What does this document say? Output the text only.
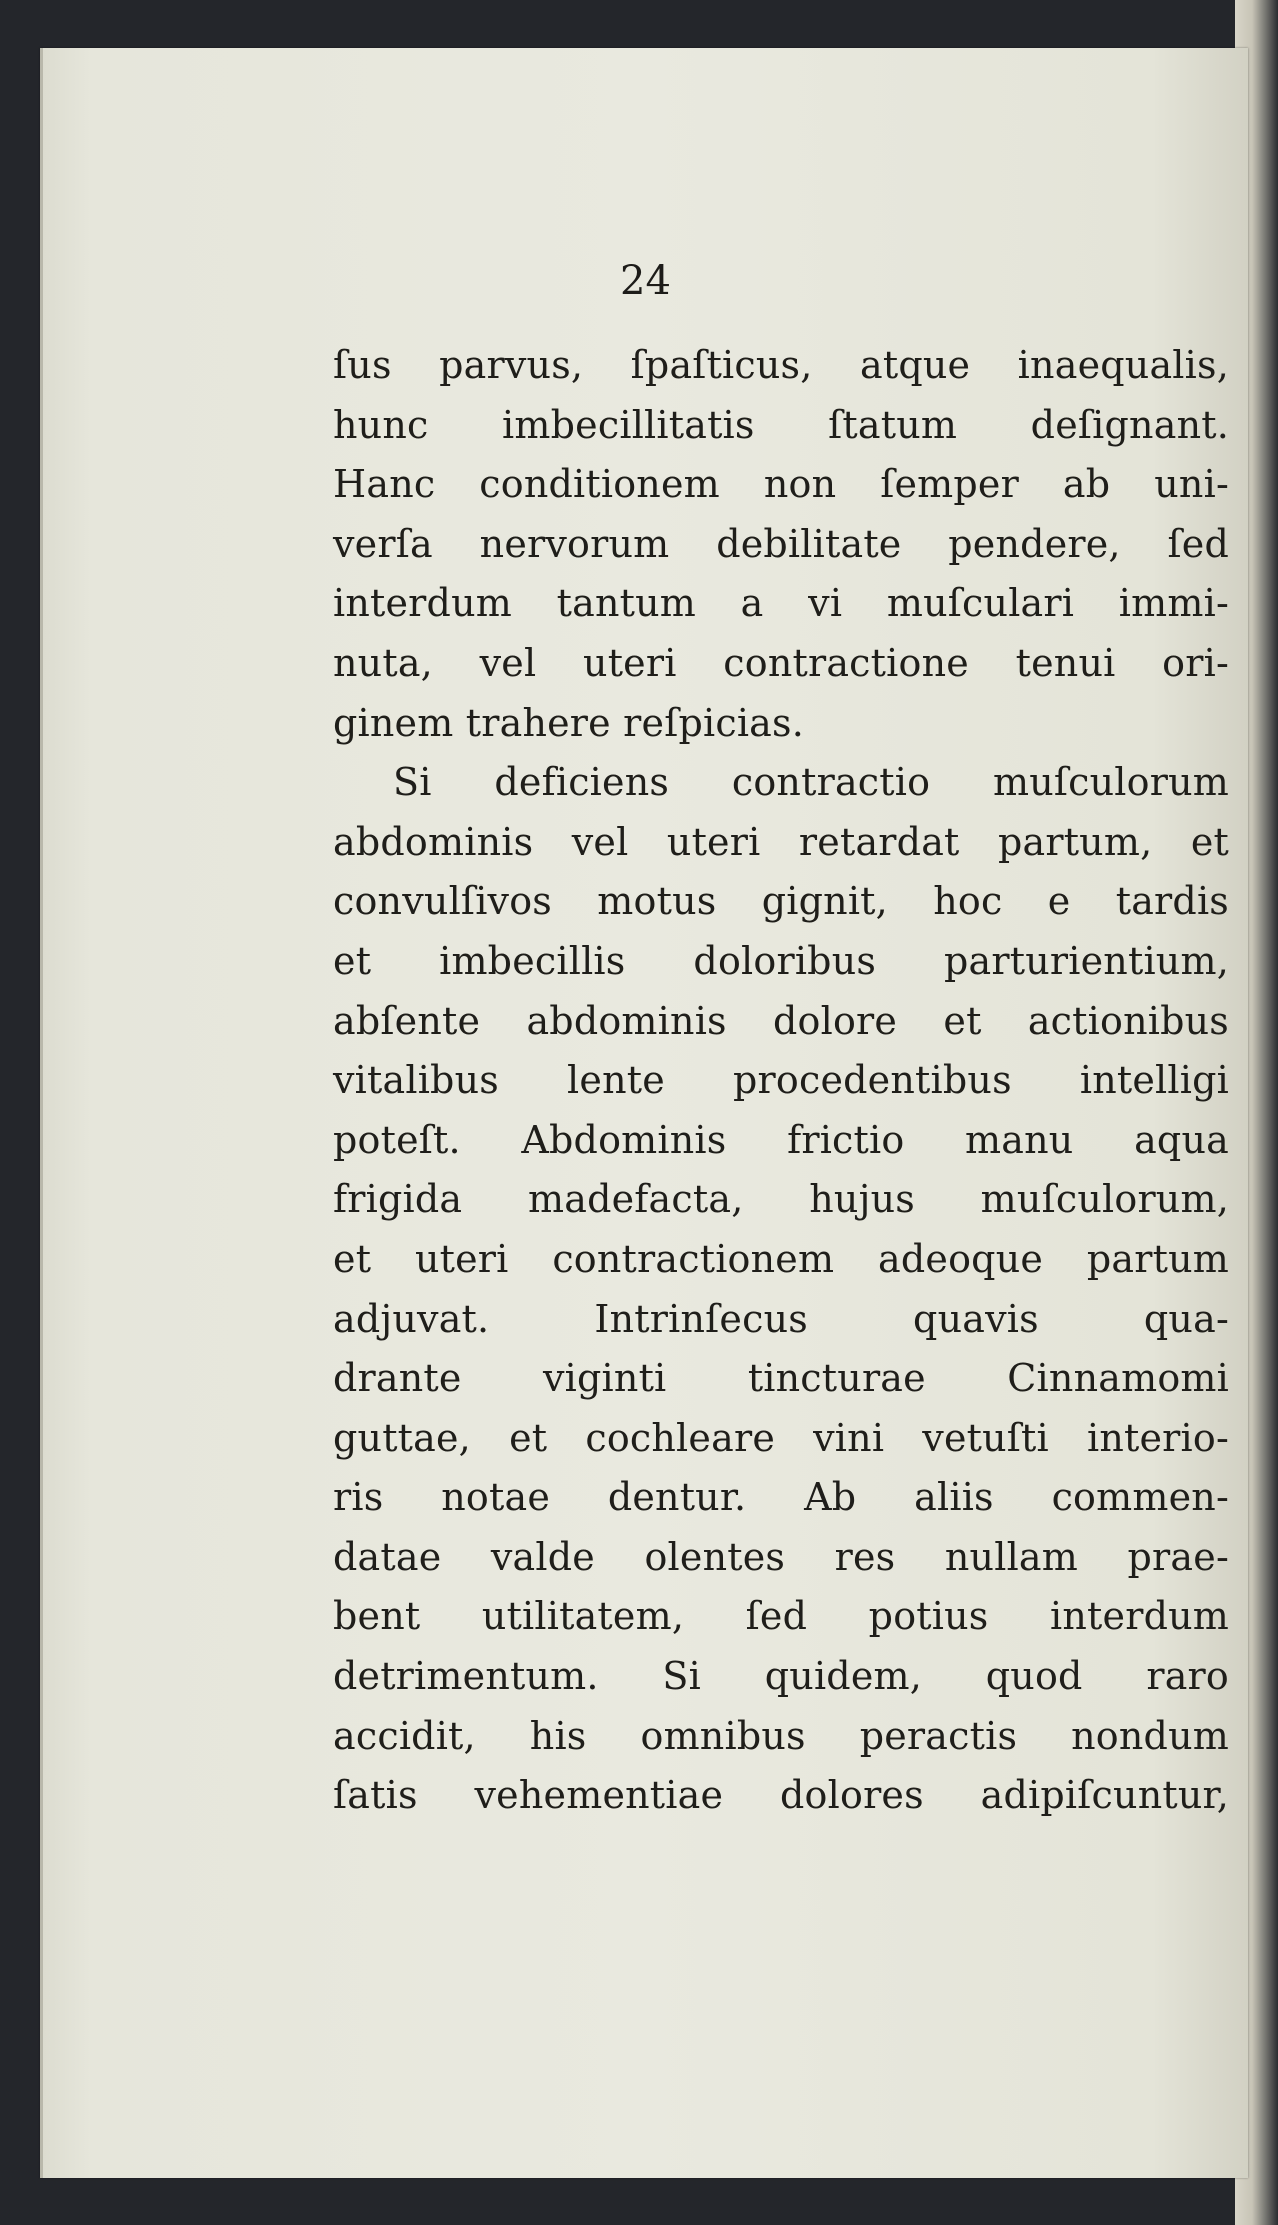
24
ſus parvus, ſpaſticus, atque inaequalis,
hunc imbecillitatis ſtatum deſignant.
Hanc conditionem non ſemper ab uni-
verſa nervorum debilitate pendere, ſed
interdum tantum a vi muſculari immi-
nuta, vel uteri contractione tenui ori-
ginem trahere reſpicias.
Si deficiens contractio muſculorum
abdominis vel uteri retardat partum, et
convulſivos motus gignit, hoc e tardis
et imbecillis doloribus parturientium,
abſente abdominis dolore et actionibus
vitalibus lente procedentibus intelligi
poteſt. Abdominis frictio manu aqua
frigida madefacta, hujus muſculorum,
et uteri contractionem adeoque partum
adjuvat. Intrinſecus quavis qua-
drante viginti tincturae Cinnamomi
guttae, et cochleare vini vetuſti interio-
ris notae dentur. Ab aliis commen-
datae valde olentes res nullam prae-
bent utilitatem, ſed potius interdum
detrimentum. Si quidem, quod raro
accidit, his omnibus peractis nondum
ſatis vehementiae dolores adipiſcuntur,
